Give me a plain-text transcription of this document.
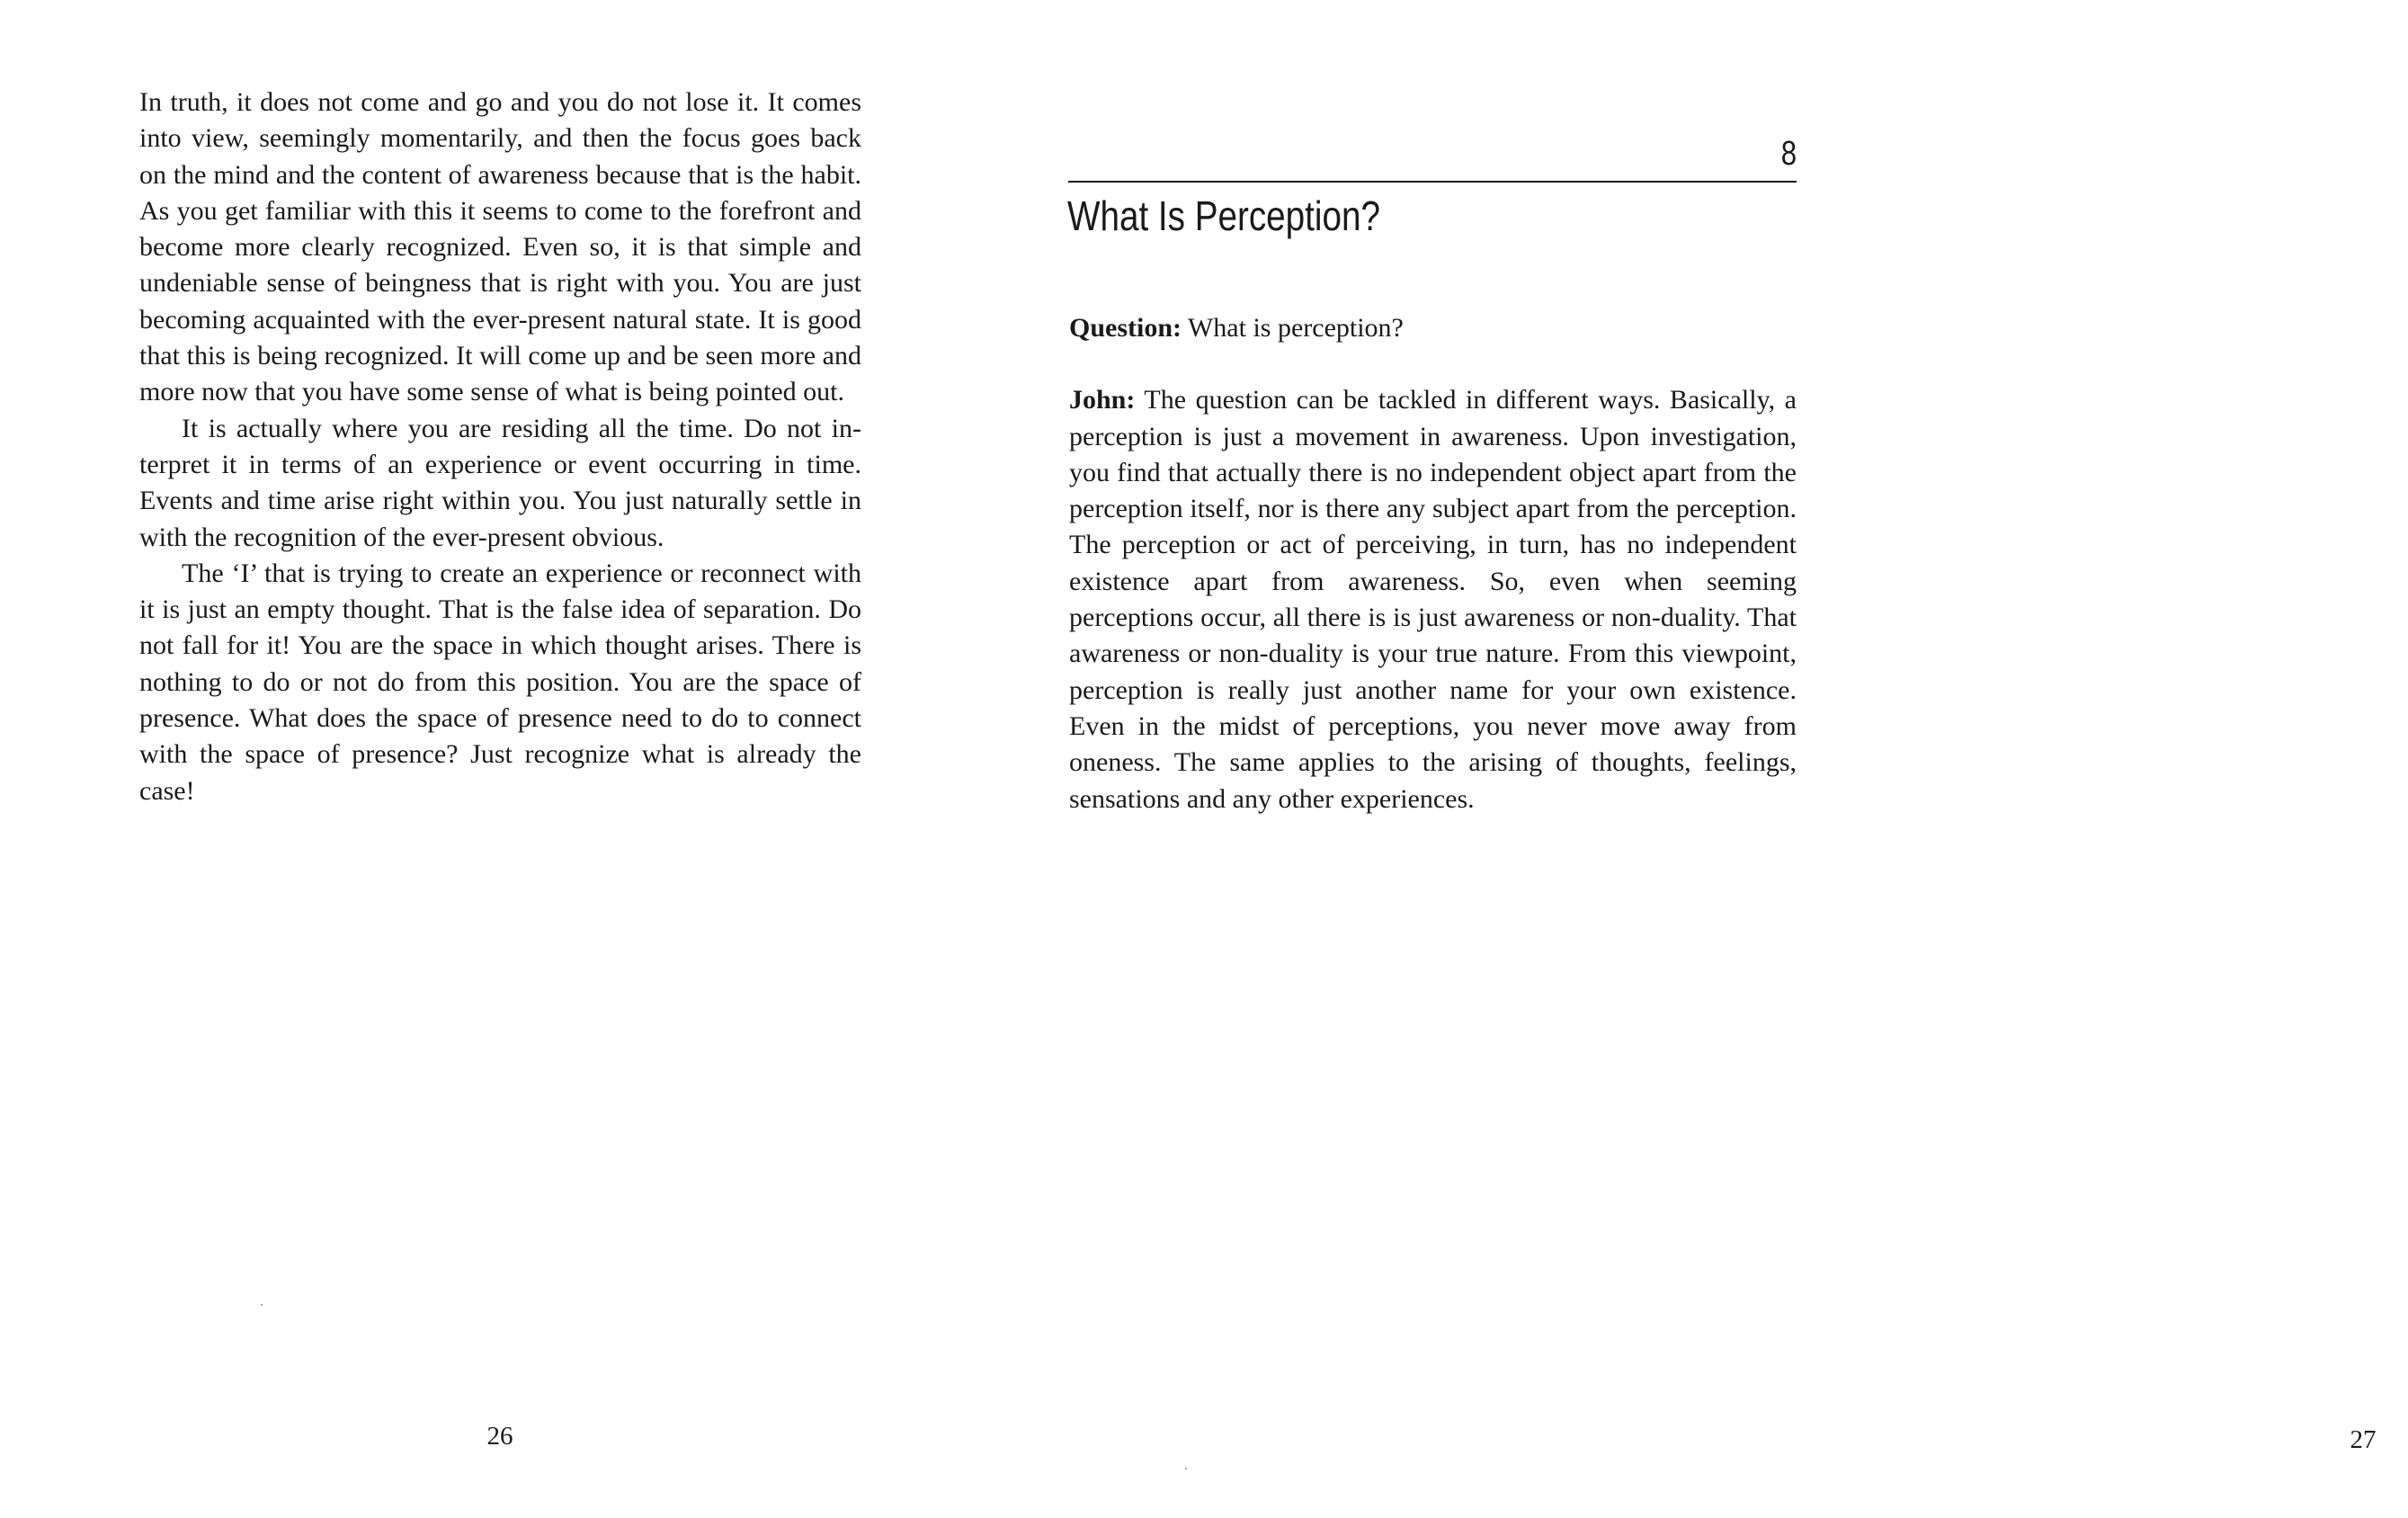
In truth, it does not come and go and you do not lose it. It comes into view, seemingly momentarily, and then the focus goes back on the mind and the content of awareness because that is the habit. As you get familiar with this it seems to come to the forefront and become more clearly recognized. Even so, it is that simple and undeniable sense of beingness that is right with you. You are just becoming acquainted with the ever-present natural state. It is good that this is being recognized. It will come up and be seen more and more now that you have some sense of what is being pointed out.

It is actually where you are residing all the time. Do not interpret it in terms of an experience or event occurring in time. Events and time arise right within you. You just naturally settle in with the recognition of the ever-present obvious.

The ‘I’ that is trying to create an experience or reconnect with it is just an empty thought. That is the false idea of separation. Do not fall for it! You are the space in which thought arises. There is nothing to do or not do from this position. You are the space of presence. What does the space of presence need to do to connect with the space of presence? Just recognize what is already the case!

26
8
What Is Perception?

Question: What is perception?

John: The question can be tackled in different ways. Basically, a perception is just a movement in awareness. Upon investigation, you find that actually there is no independent object apart from the perception itself, nor is there any subject apart from the perception. The perception or act of perceiving, in turn, has no independent existence apart from awareness. So, even when seeming perceptions occur, all there is is just awareness or non-duality. That awareness or non-duality is your true nature. From this viewpoint, perception is really just another name for your own existence. Even in the midst of perceptions, you never move away from oneness. The same applies to the arising of thoughts, feelings, sensations and any other experiences.

27
